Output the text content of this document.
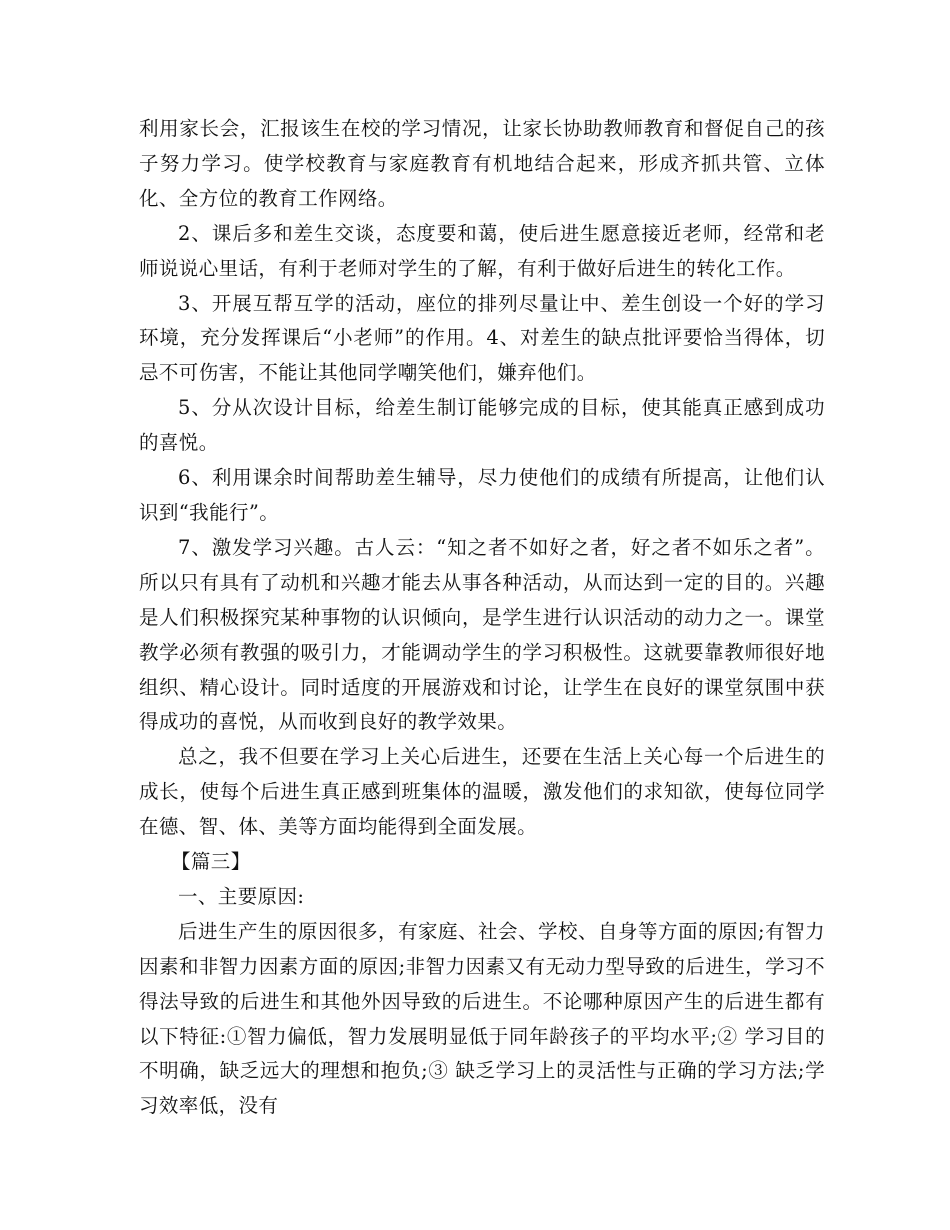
利用家长会，汇报该生在校的学习情况，让家长协助教师教育和督促自己的孩子努力学习。使学校教育与家庭教育有机地结合起来，形成齐抓共管、立体化、全方位的教育工作网络。

2、课后多和差生交谈，态度要和蔼，使后进生愿意接近老师，经常和老师说说心里话，有利于老师对学生的了解，有利于做好后进生的转化工作。

3、开展互帮互学的活动，座位的排列尽量让中、差生创设一个好的学习环境，充分发挥课后“小老师”的作用。4、对差生的缺点批评要恰当得体，切忌不可伤害，不能让其他同学嘲笑他们，嫌弃他们。

5、分从次设计目标，给差生制订能够完成的目标，使其能真正感到成功的喜悦。

6、利用课余时间帮助差生辅导，尽力使他们的成绩有所提高，让他们认识到“我能行”。

7、激发学习兴趣。古人云：“知之者不如好之者，好之者不如乐之者”。所以只有具有了动机和兴趣才能去从事各种活动，从而达到一定的目的。兴趣是人们积极探究某种事物的认识倾向，是学生进行认识活动的动力之一。课堂教学必须有教强的吸引力，才能调动学生的学习积极性。这就要靠教师很好地组织、精心设计。同时适度的开展游戏和讨论，让学生在良好的课堂氛围中获得成功的喜悦，从而收到良好的教学效果。

总之，我不但要在学习上关心后进生，还要在生活上关心每一个后进生的成长，使每个后进生真正感到班集体的温暖，激发他们的求知欲，使每位同学在德、智、体、美等方面均能得到全面发展。

【篇三】

一、主要原因:

后进生产生的原因很多，有家庭、社会、学校、自身等方面的原因;有智力因素和非智力因素方面的原因;非智力因素又有无动力型导致的后进生，学习不得法导致的后进生和其他外因导致的后进生。不论哪种原因产生的后进生都有以下特征:①智力偏低，智力发展明显低于同年龄孩子的平均水平;② 学习目的不明确，缺乏远大的理想和抱负;③ 缺乏学习上的灵活性与正确的学习方法;学习效率低，没有
